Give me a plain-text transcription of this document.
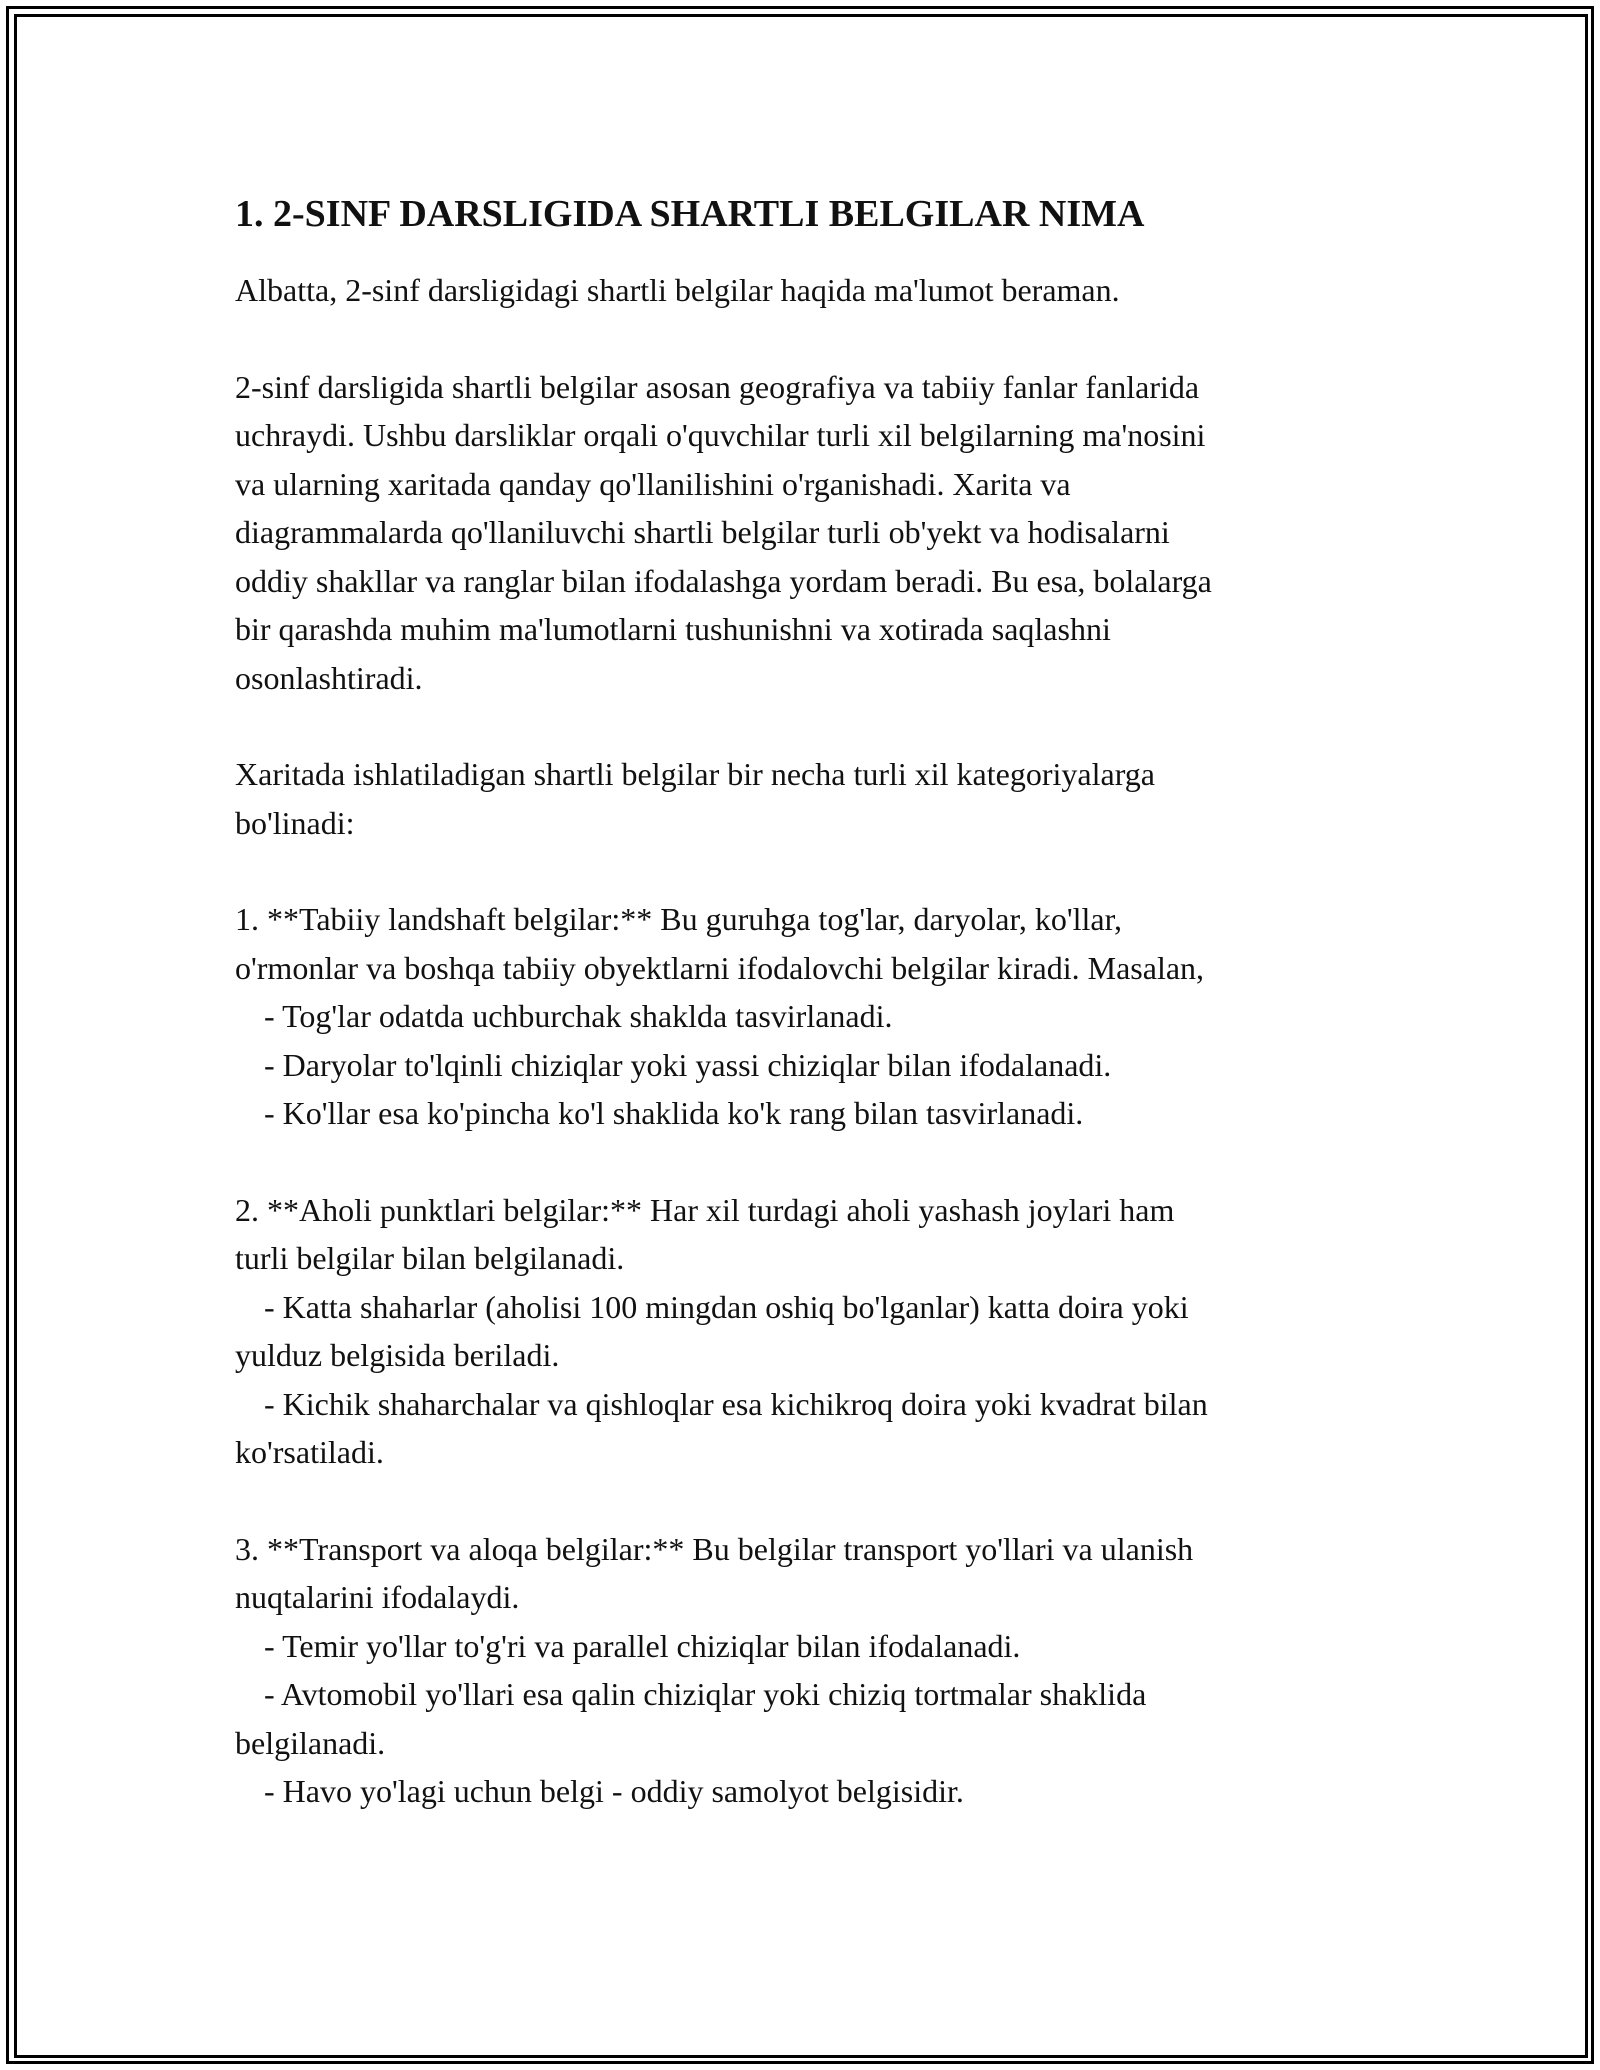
1. 2-SINF DARSLIGIDA SHARTLI BELGILAR NIMA

Albatta, 2-sinf darsligidagi shartli belgilar haqida ma'lumot beraman.

2-sinf darsligida shartli belgilar asosan geografiya va tabiiy fanlar fanlarida
uchraydi. Ushbu darsliklar orqali o'quvchilar turli xil belgilarning ma'nosini
va ularning xaritada qanday qo'llanilishini o'rganishadi. Xarita va
diagrammalarda qo'llaniluvchi shartli belgilar turli ob'yekt va hodisalarni
oddiy shakllar va ranglar bilan ifodalashga yordam beradi. Bu esa, bolalarga
bir qarashda muhim ma'lumotlarni tushunishni va xotirada saqlashni
osonlashtiradi.

Xaritada ishlatiladigan shartli belgilar bir necha turli xil kategoriyalarga
bo'linadi:

1. **Tabiiy landshaft belgilar:** Bu guruhga tog'lar, daryolar, ko'llar,
o'rmonlar va boshqa tabiiy obyektlarni ifodalovchi belgilar kiradi. Masalan,
- Tog'lar odatda uchburchak shaklda tasvirlanadi.
- Daryolar to'lqinli chiziqlar yoki yassi chiziqlar bilan ifodalanadi.
- Ko'llar esa ko'pincha ko'l shaklida ko'k rang bilan tasvirlanadi.

2. **Aholi punktlari belgilar:** Har xil turdagi aholi yashash joylari ham
turli belgilar bilan belgilanadi.
- Katta shaharlar (aholisi 100 mingdan oshiq bo'lganlar) katta doira yoki
yulduz belgisida beriladi.
- Kichik shaharchalar va qishloqlar esa kichikroq doira yoki kvadrat bilan
ko'rsatiladi.

3. **Transport va aloqa belgilar:** Bu belgilar transport yo'llari va ulanish
nuqtalarini ifodalaydi.
- Temir yo'llar to'g'ri va parallel chiziqlar bilan ifodalanadi.
- Avtomobil yo'llari esa qalin chiziqlar yoki chiziq tortmalar shaklida
belgilanadi.
- Havo yo'lagi uchun belgi - oddiy samolyot belgisidir.
